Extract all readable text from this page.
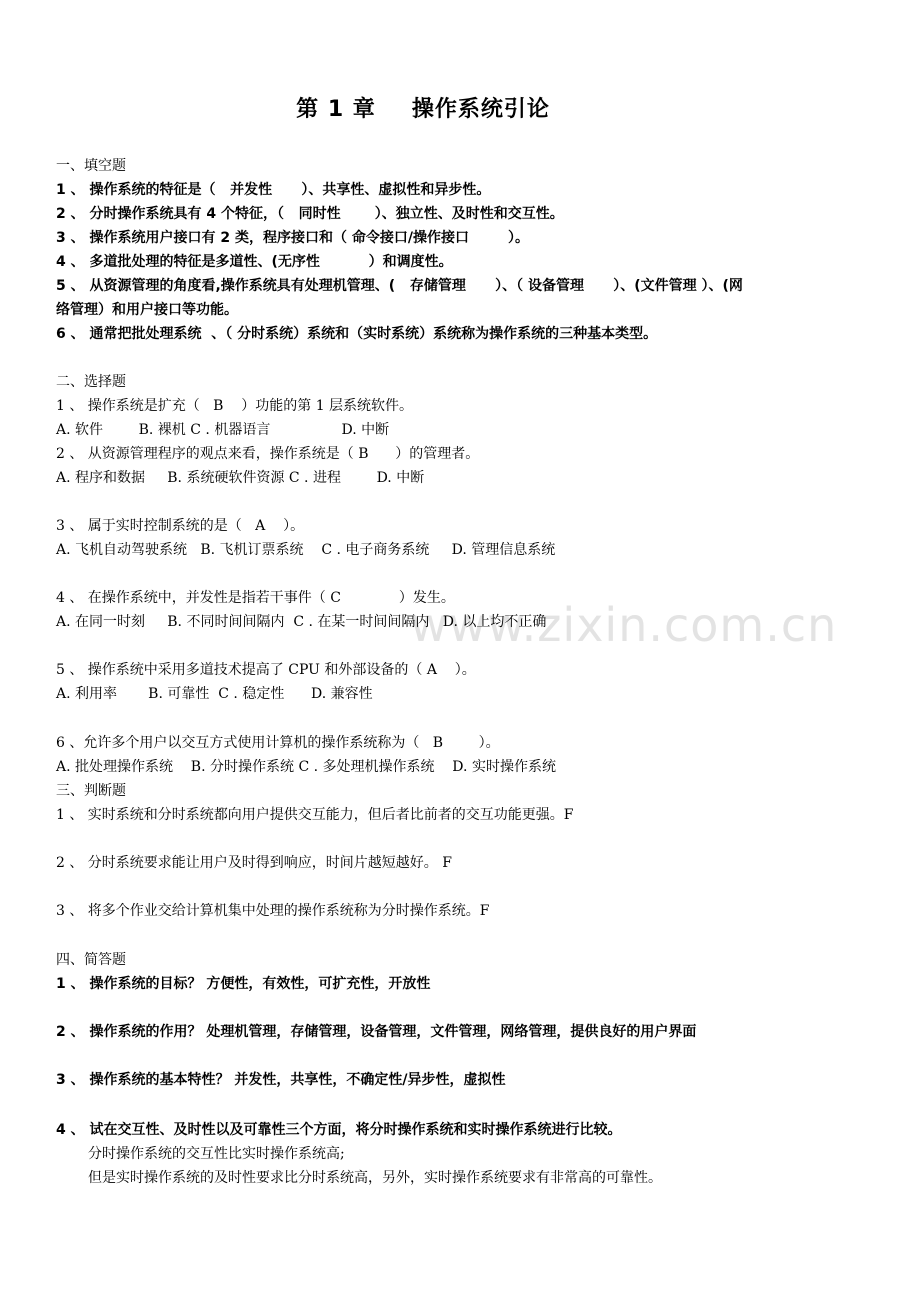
www.zixin.com.cn
第 1 章 操作系统引论
一、填空题
1 、 操作系统的特征是（   并发性      ）、共享性、虚拟性和异步性。
2 、 分时操作系统具有 4 个特征，（   同时性       ）、独立性、及时性和交互性。
3 、 操作系统用户接口有 2 类，程序接口和（ 命令接口/操作接口        ）。
4 、 多道批处理的特征是多道性、(无序性          ）和调度性。
5 、 从资源管理的角度看,操作系统具有处理机管理、(   存储管理      ）、（ 设备管理      ）、(文件管理 ）、(网
络管理）和用户接口等功能。
6 、 通常把批处理系统  、（ 分时系统）系统和（实时系统）系统称为操作系统的三种基本类型。
二、选择题
1 、 操作系统是扩充（   B    ）功能的第 1 层系统软件。
A. 软件        B. 裸机 C . 机器语言                D. 中断
2 、 从资源管理程序的观点来看，操作系统是（ B      ）的管理者。
A. 程序和数据     B. 系统硬软件资源 C . 进程        D. 中断
3 、 属于实时控制系统的是（   A    ）。
A. 飞机自动驾驶系统   B. 飞机订票系统    C . 电子商务系统     D. 管理信息系统
4 、 在操作系统中，并发性是指若干事件（ C             ）发生。
A. 在同一时刻     B. 不同时间间隔内  C . 在某一时间间隔内   D. 以上均不正确
5 、 操作系统中采用多道技术提高了 CPU 和外部设备的（ A    ）。
A. 利用率       B. 可靠性  C . 稳定性      D. 兼容性
6 、允许多个用户以交互方式使用计算机的操作系统称为（   B        ）。
A. 批处理操作系统    B. 分时操作系统 C . 多处理机操作系统    D. 实时操作系统
三、判断题
1 、 实时系统和分时系统都向用户提供交互能力，但后者比前者的交互功能更强。F
2 、 分时系统要求能让用户及时得到响应，时间片越短越好。 F
3 、 将多个作业交给计算机集中处理的操作系统称为分时操作系统。F
四、简答题
1 、 操作系统的目标？ 方便性，有效性，可扩充性，开放性
2 、 操作系统的作用？ 处理机管理，存储管理，设备管理，文件管理，网络管理，提供良好的用户界面
3 、 操作系统的基本特性？ 并发性，共享性，不确定性/异步性，虚拟性
4 、 试在交互性、及时性以及可靠性三个方面，将分时操作系统和实时操作系统进行比较。
分时操作系统的交互性比实时操作系统高;
但是实时操作系统的及时性要求比分时系统高，另外，实时操作系统要求有非常高的可靠性。
